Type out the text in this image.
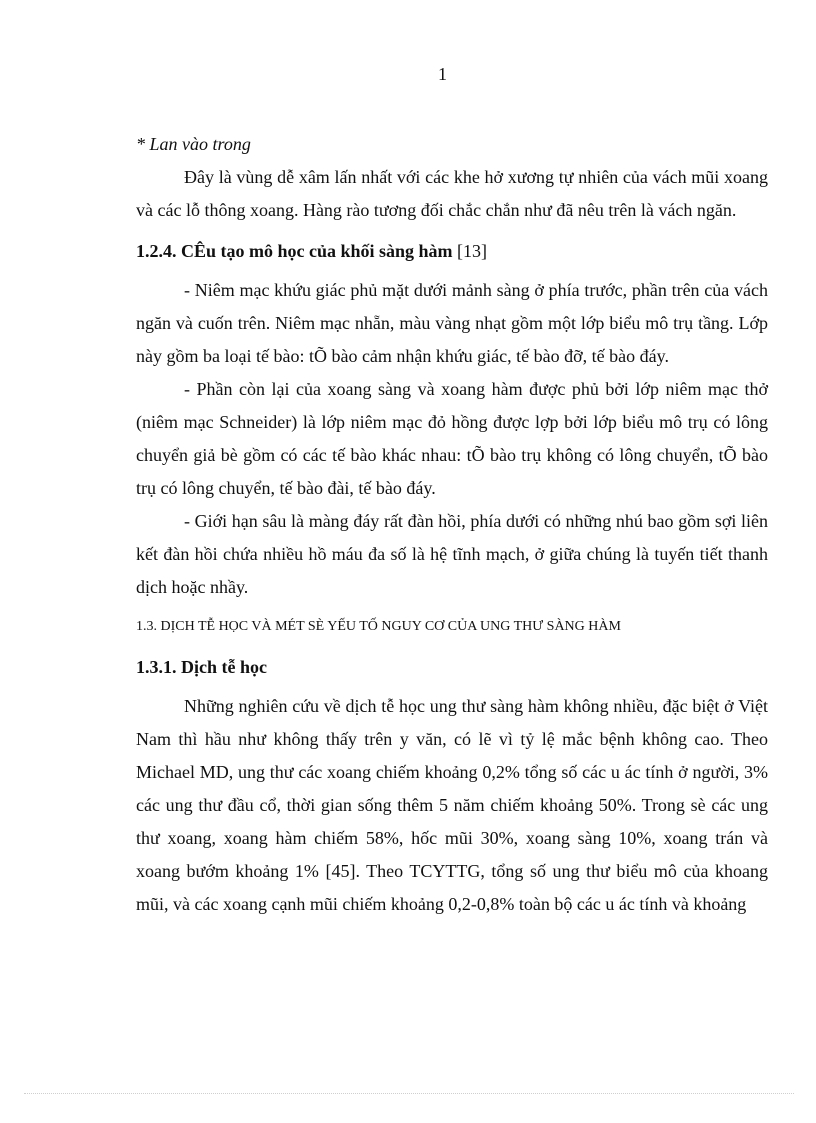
1

* Lan vào trong

Đây là vùng dễ xâm lấn nhất với các khe hở xương tự nhiên của vách mũi xoang và các lỗ thông xoang. Hàng rào tương đối chắc chắn như đã nêu trên là vách ngăn.

1.2.4. CÊu tạo mô học của khối sàng hàm [13]

- Niêm mạc khứu giác phủ mặt dưới mảnh sàng ở phía trước, phần trên của vách ngăn và cuốn trên. Niêm mạc nhẵn, màu vàng nhạt gồm một lớp biểu mô trụ tầng. Lớp này gồm ba loại tế bào: tÕ bào cảm nhận khứu giác, tế bào đỡ, tế bào đáy.

- Phần còn lại của xoang sàng và xoang hàm được phủ bởi lớp niêm mạc thở (niêm mạc Schneider) là lớp niêm mạc đỏ hồng được lợp bởi lớp biểu mô trụ có lông chuyển giả bè gồm có các tế bào khác nhau: tÕ bào trụ không có lông chuyển, tÕ bào trụ có lông chuyển, tế bào đài, tế bào đáy.

- Giới hạn sâu là màng đáy rất đàn hồi, phía dưới có những nhú bao gồm sợi liên kết đàn hồi chứa nhiều hồ máu đa số là hệ tĩnh mạch, ở giữa chúng là tuyến tiết thanh dịch hoặc nhầy.

1.3. DỊCH TỄ HỌC VÀ MÉT SÈ YẾU TỐ NGUY CƠ CỦA UNG THƯ SÀNG HÀM

1.3.1. Dịch tễ học

Những nghiên cứu về dịch tễ học ung thư sàng hàm không nhiều, đặc biệt ở Việt Nam thì hầu như không thấy trên y văn, có lẽ vì tỷ lệ mắc bệnh không cao. Theo Michael MD, ung thư các xoang chiếm khoảng 0,2% tổng số các u ác tính ở người, 3% các ung thư đầu cổ, thời gian sống thêm 5 năm chiếm khoảng 50%. Trong sè các ung thư xoang, xoang hàm chiếm 58%, hốc mũi 30%, xoang sàng 10%, xoang trán và xoang bướm khoảng 1% [45]. Theo TCYTTG, tổng số ung thư biểu mô của khoang mũi, và các xoang cạnh mũi chiếm khoảng 0,2-0,8% toàn bộ các u ác tính và khoảng
